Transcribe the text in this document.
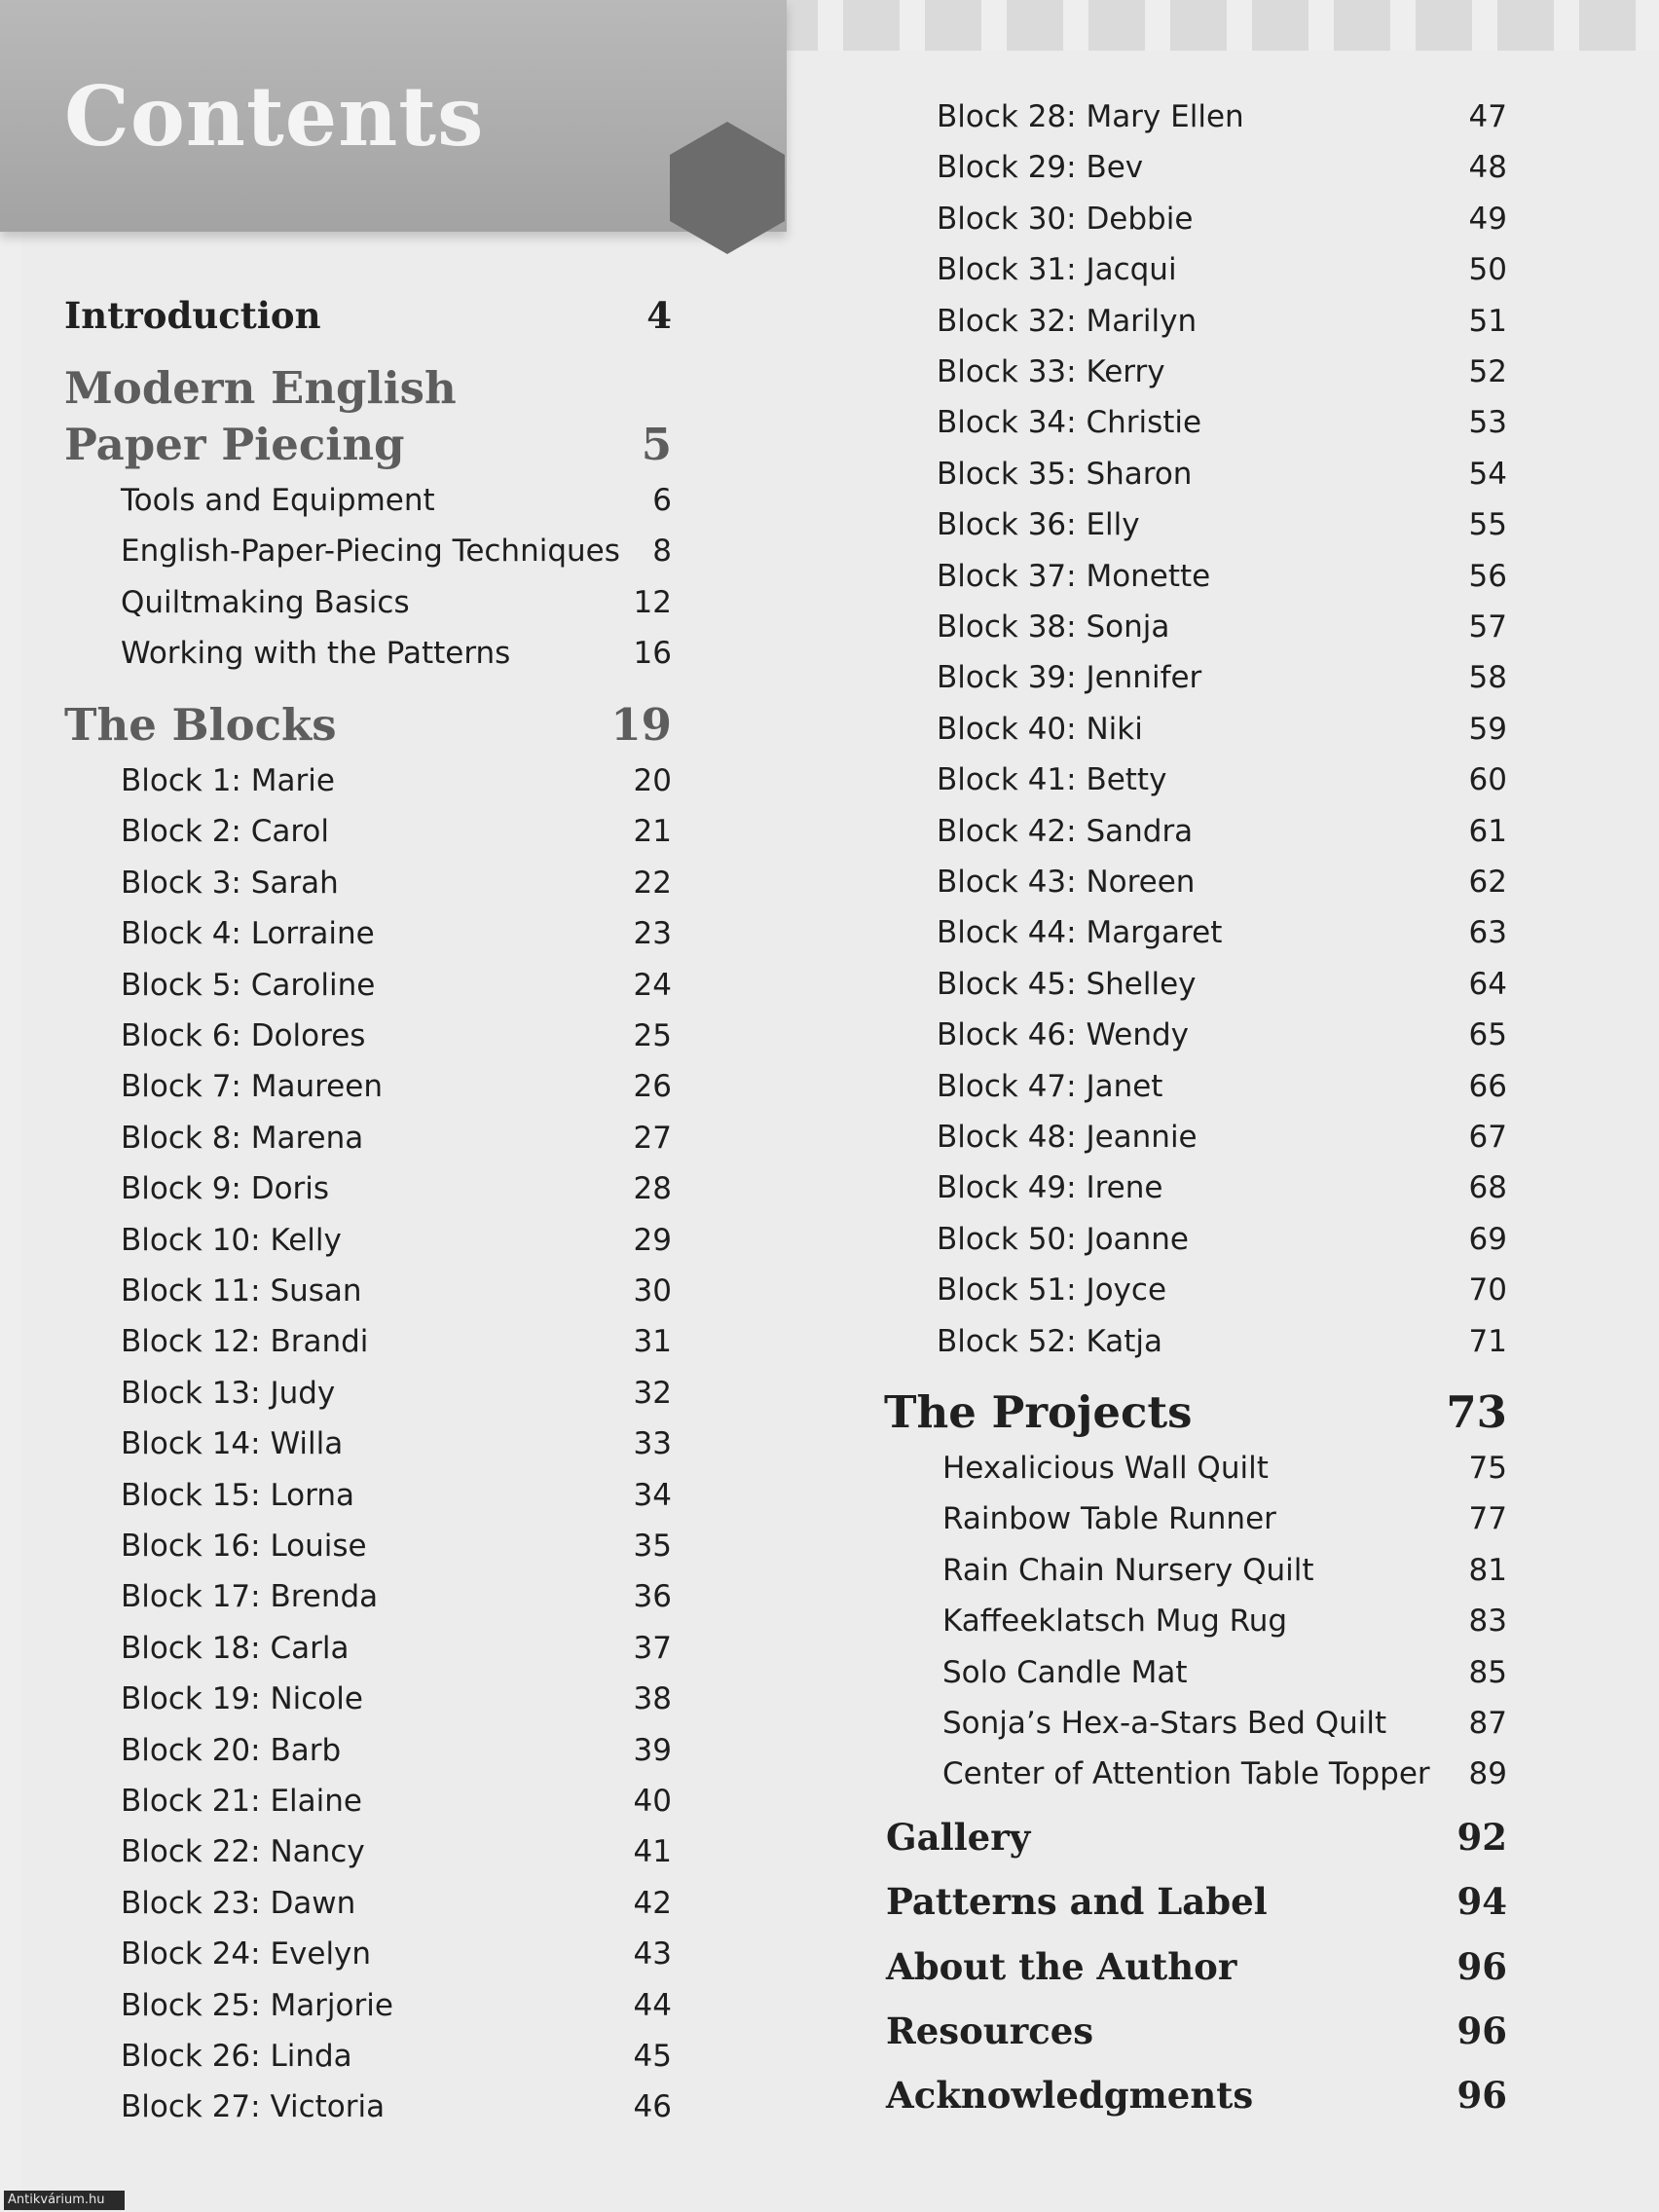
Contents
Introduction	4
Modern English
Paper Piecing	5
Tools and Equipment	6
English-Paper-Piecing Techniques 8
Quiltmaking Basics	12
Working with the Patterns	16
The Blocks	19
Block 1: Marie	20
Block 2: Carol	21
Block 3: Sarah	22
Block 4: Lorraine	23
Block 5: Caroline	24
Block 6: Dolores	25
Block 7: Maureen	26
Block 8: Marena	27
Block 9: Doris	28
Block 10: Kelly	29
Block 11: Susan	30
Block 12: Brandi	31
Block 13: Judy	32
Block 14: Willa	33
Block 15: Lorna	34
Block 16: Louise	35
Block 17: Brenda	36
Block 18: Carla	37
Block 19: Nicole	38
Block 20: Barb	39
Block 21: Elaine	40
Block 22: Nancy	41
Block 23: Dawn	42
Block 24: Evelyn	43
Block 25: Marjorie	44
Block 26: Linda	45
Block 27: Victoria	46
Block 28: Mary Ellen	47
Block 29: Bev	48
Block 30: Debbie	49
Block 31: Jacqui	50
Block 32: Marilyn	51
Block 33: Kerry	52
Block 34: Christie	53
Block 35: Sharon	54
Block 36: Elly	55
Block 37: Monette	56
Block 38: Sonja	57
Block 39: Jennifer	58
Block 40: Niki	59
Block 41: Betty	60
Block 42: Sandra	61
Block 43: Noreen	62
Block 44: Margaret	63
Block 45: Shelley	64
Block 46: Wendy	65
Block 47: Janet	66
Block 48: Jeannie	67
Block 49: Irene	68
Block 50: Joanne	69
Block 51: Joyce	70
Block 52: Katja	71
The Projects	73
Hexalicious Wall Quilt	75
Rainbow Table Runner	77
Rain Chain Nursery Quilt	81
Kaffeeklatsch Mug Rug	83
Solo Candle Mat	85
Sonja’s Hex-a-Stars Bed Quilt	87
Center of Attention Table Topper 89
Gallery	92
Patterns and Label	94
About the Author	96
Resources	96
Acknowledgments	96
Antikvárium.hu
